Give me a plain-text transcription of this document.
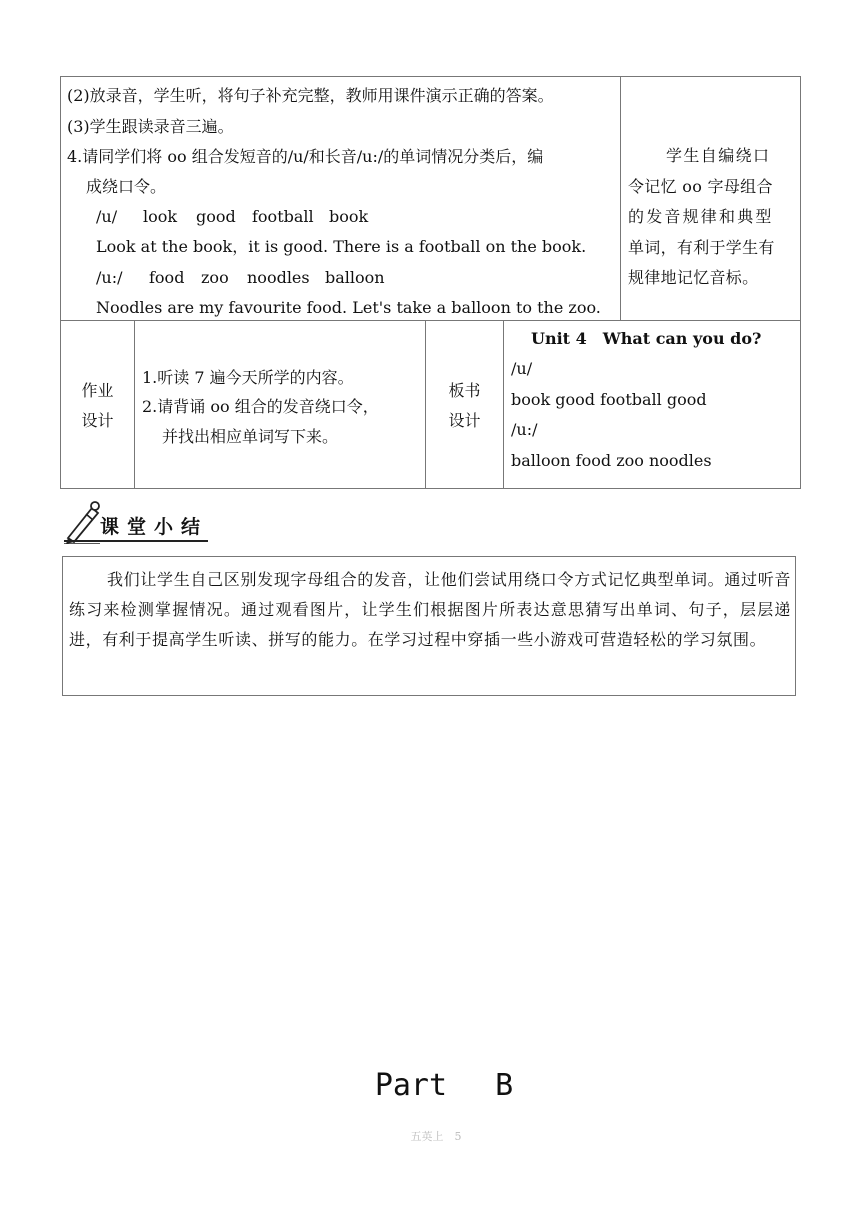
(2)放录音，学生听，将句子补充完整，教师用课件演示正确的答案。
(3)学生跟读录音三遍。
4.请同学们将 oo 组合发短音的/u/和长音/u:/的单词情况分类后，编
成绕口令。
/u/ look good football book
Look at the book，it is good. There is a football on the book.
/u:/ food zoo noodles balloon
Noodles are my favourite food. Let's take a balloon to the zoo.
学生自编绕口
令记忆 oo 字母组合
的发音规律和典型
单词，有利于学生有
规律地记忆音标。
作业
设计
1.听读 7 遍今天所学的内容。
2.请背诵 oo 组合的发音绕口令，
并找出相应单词写下来。
板书
设计
Unit 4　What can you do?
/u/
book good football good
/u:/
balloon food zoo noodles
课堂小结
我们让学生自己区别发现字母组合的发音，让他们尝试用绕口令方式记忆典型单词。通过听音练习来检测掌握情况。通过观看图片，让学生们根据图片所表达意思猜写出单词、句子，层层递进，有利于提高学生听读、拼写的能力。在学习过程中穿插一些小游戏可营造轻松的学习氛围。
Part　 B
五英上　5
